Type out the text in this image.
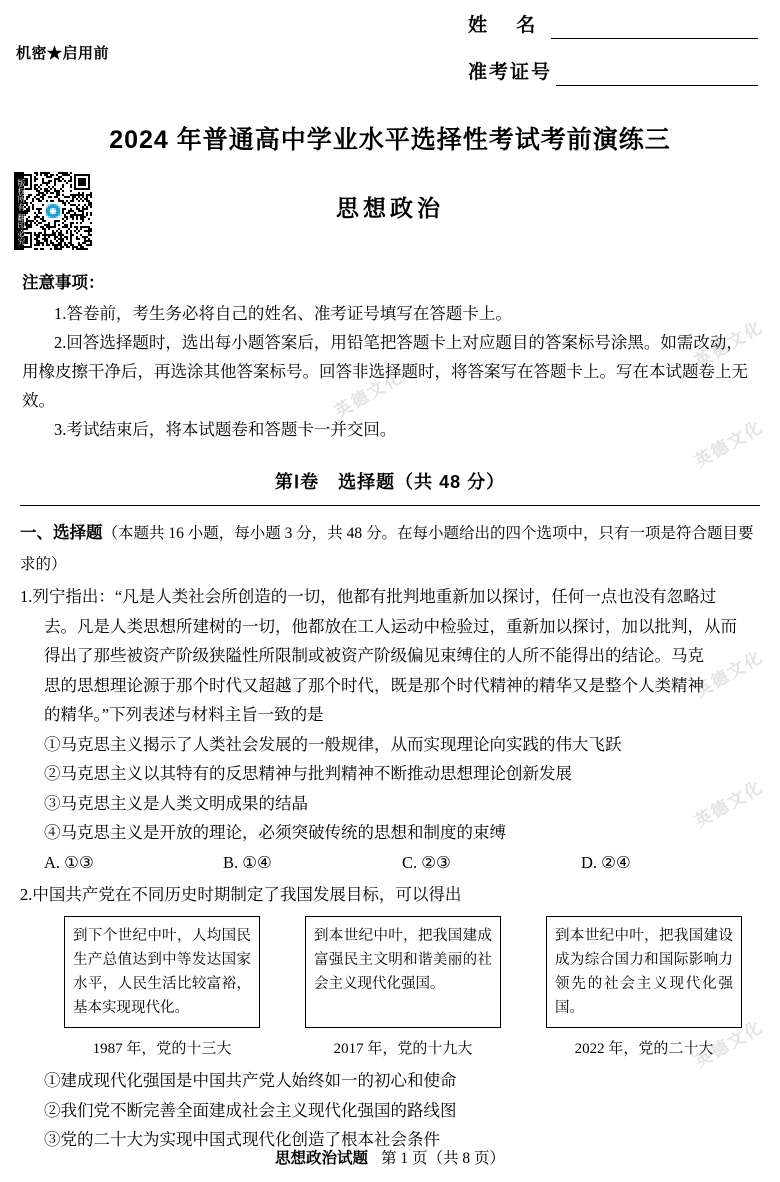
英德文化
英德文化
英德文化
英德文化
英德文化
英德文化
姓 名
准考证号
机密★启用前
2024 年普通高中学业水平选择性考试考前演练三
思想政治
版权所有 翻印必究
注意事项：
1.答卷前，考生务必将自己的姓名、准考证号填写在答题卡上。
2.回答选择题时，选出每小题答案后，用铅笔把答题卡上对应题目的答案标号涂黑。如需改动，用橡皮擦干净后，再选涂其他答案标号。回答非选择题时，将答案写在答题卡上。写在本试题卷上无效。
3.考试结束后，将本试题卷和答题卡一并交回。
第Ⅰ卷　选择题（共 48 分）
一、选择题（本题共 16 小题，每小题 3 分，共 48 分。在每小题给出的四个选项中，只有一项是符合题目要求的）
1.列宁指出：“凡是人类社会所创造的一切，他都有批判地重新加以探讨，任何一点也没有忽略过
去。凡是人类思想所建树的一切，他都放在工人运动中检验过，重新加以探讨，加以批判，从而
得出了那些被资产阶级狭隘性所限制或被资产阶级偏见束缚住的人所不能得出的结论。马克
思的思想理论源于那个时代又超越了那个时代，既是那个时代精神的精华又是整个人类精神
的精华。”下列表述与材料主旨一致的是
①马克思主义揭示了人类社会发展的一般规律，从而实现理论向实践的伟大飞跃
②马克思主义以其特有的反思精神与批判精神不断推动思想理论创新发展
③马克思主义是人类文明成果的结晶
④马克思主义是开放的理论，必须突破传统的思想和制度的束缚
A. ①③	B. ①④	C. ②③	D. ②④
2.中国共产党在不同历史时期制定了我国发展目标，可以得出
到下个世纪中叶，人均国民生产总值达到中等发达国家水平，人民生活比较富裕，基本实现现代化。
到本世纪中叶，把我国建成富强民主文明和谐美丽的社会主义现代化强国。
到本世纪中叶，把我国建设成为综合国力和国际影响力领先的社会主义现代化强国。
1987 年，党的十三大	2017 年，党的十九大	2022 年，党的二十大
①建成现代化强国是中国共产党人始终如一的初心和使命
②我们党不断完善全面建成社会主义现代化强国的路线图
③党的二十大为实现中国式现代化创造了根本社会条件
思想政治试题 第 1 页（共 8 页）
